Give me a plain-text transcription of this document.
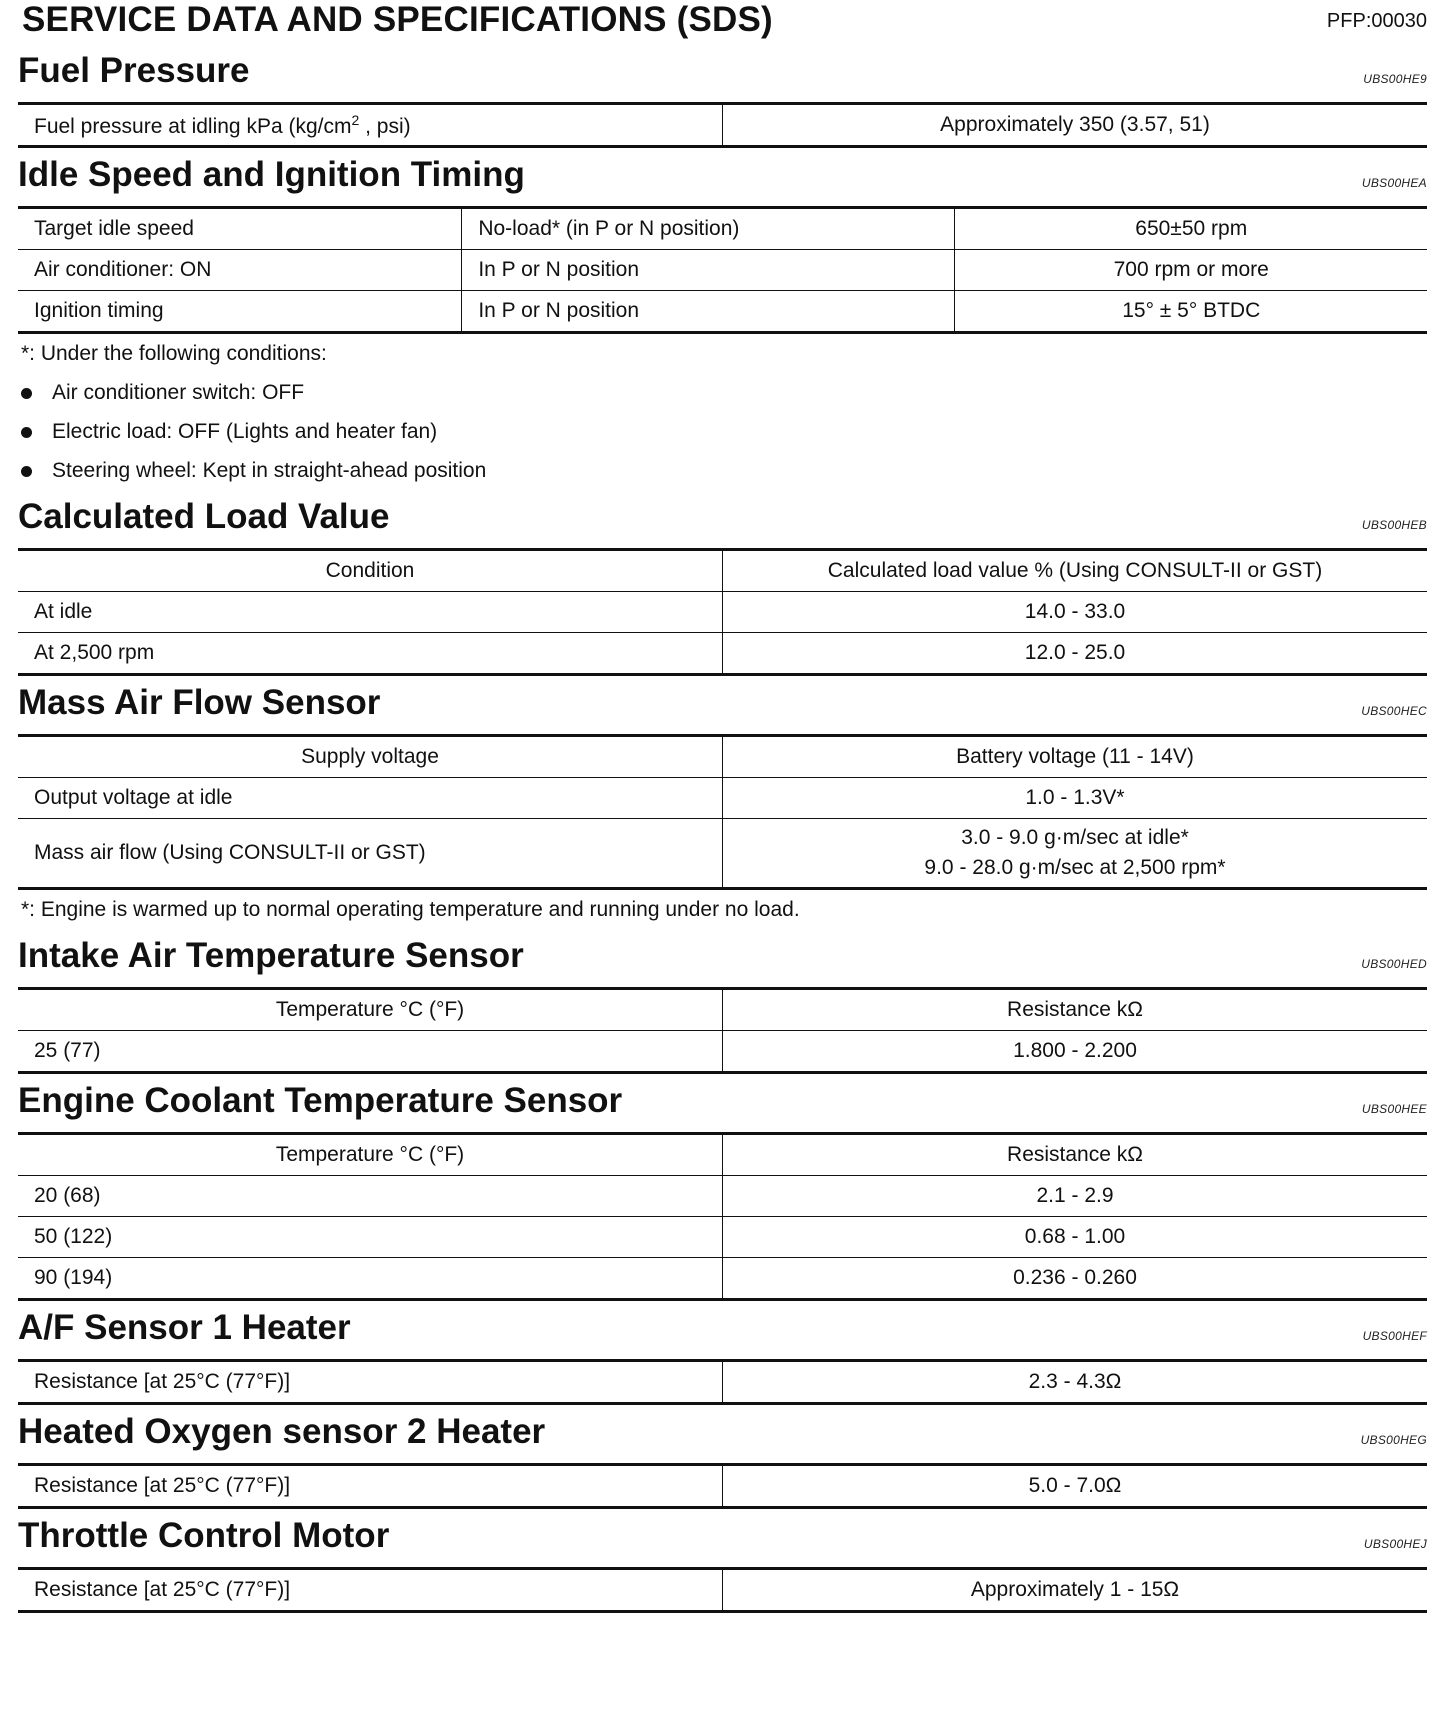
SERVICE DATA AND SPECIFICATIONS (SDS)	PFP:00030
Fuel Pressure	UBS00HE9
Fuel pressure at idling kPa ($kg/cm^2$ , psi)	Approximately 350 (3.57, 51)
Idle Speed and Ignition Timing	UBS00HEA
Target idle speed	No-load* (in P or N position)	650±50 rpm
Air conditioner: ON	In P or N position	700 rpm or more
Ignition timing	In P or N position	15° ± 5° BTDC
*: Under the following conditions:
Air conditioner switch: OFF
Electric load: OFF (Lights and heater fan)
Steering wheel: Kept in straight-ahead position
Calculated Load Value	UBS00HEB
Condition	Calculated load value % (Using CONSULT-II or GST)
At idle	14.0 - 33.0
At 2,500 rpm	12.0 - 25.0
Mass Air Flow Sensor	UBS00HEC
Supply voltage	Battery voltage (11 - 14V)
Output voltage at idle	1.0 - 1.3V*
Mass air flow (Using CONSULT-II or GST)	3.0 - 9.0 g·m/sec at idle*
9.0 - 28.0 g·m/sec at 2,500 rpm*
*: Engine is warmed up to normal operating temperature and running under no load.
Intake Air Temperature Sensor	UBS00HED
Temperature °C (°F)	Resistance kΩ
25 (77)	1.800 - 2.200
Engine Coolant Temperature Sensor	UBS00HEE
Temperature °C (°F)	Resistance kΩ
20 (68)	2.1 - 2.9
50 (122)	0.68 - 1.00
90 (194)	0.236 - 0.260
A/F Sensor 1 Heater	UBS00HEF
Resistance [at 25°C (77°F)]	2.3 - 4.3Ω
Heated Oxygen sensor 2 Heater	UBS00HEG
Resistance [at 25°C (77°F)]	5.0 - 7.0Ω
Throttle Control Motor	UBS00HEJ
Resistance [at 25°C (77°F)]	Approximately 1 - 15Ω
